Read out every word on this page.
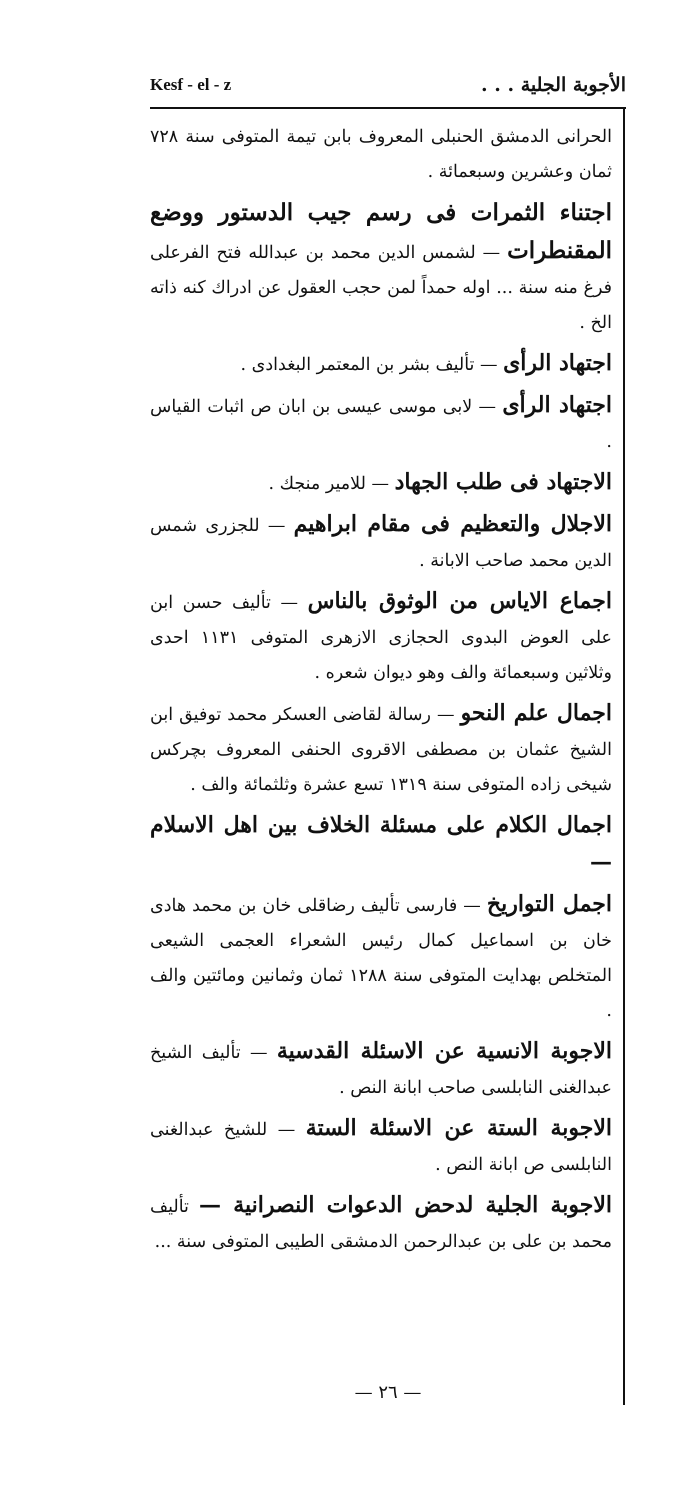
Kesf - el - z	الأجوبة الجلية . . .

الحرانى الدمشق الحنبلى المعروف بابن تيمة المتوفى سنة ٧٢٨ ثمان وعشرين وسبعمائة .

اجتناء الثمرات فى رسم جيب الدستور ووضع المقنطرات — لشمس الدين محمد بن عبدالله فتح الفرعلى فرغ منه سنة ... اوله حمداً لمن حجب العقول عن ادراك كنه ذاته الخ .

اجتهاد الرأى — تأليف بشر بن المعتمر البغدادى .

اجتهاد الرأى — لابى موسى عيسى بن ابان ص اثبات القياس .

الاجتهاد فى طلب الجهاد — للامير منجك .

الاجلال والتعظيم فى مقام ابراهيم — للجزرى شمس الدين محمد صاحب الابانة .

اجماع الاياس من الوثوق بالناس — تأليف حسن ابن على العوض البدوى الحجازى الازهرى المتوفى ١١٣١ احدى وثلاثين وسبعمائة والف وهو ديوان شعره .

اجمال علم النحو — رسالة لقاضى العسكر محمد توفيق ابن الشيخ عثمان بن مصطفى الاقروى الحنفى المعروف بچركس شيخى زاده المتوفى سنة ١٣١٩ تسع عشرة وثلثمائة والف .

اجمال الكلام على مسئلة الخلاف بين اهل الاسلام —

اجمل التواريخ — فارسى تأليف رضاقلى خان بن محمد هادى خان بن اسماعيل كمال رئيس الشعراء العجمى الشيعى المتخلص بهدايت المتوفى سنة ١٢٨٨ ثمان وثمانين ومائتين والف .

الاجوبة الانسية عن الاسئلة القدسية — تأليف الشيخ عبدالغنى النابلسى صاحب ابانة النص .

الاجوبة الستة عن الاسئلة الستة — للشيخ عبدالغنى النابلسى ص ابانة النص .

الاجوبة الجلية لدحض الدعوات النصرانية — تأليف محمد بن على بن عبدالرحمن الدمشقى الطيبى المتوفى سنة ...

— ٢٦ —
